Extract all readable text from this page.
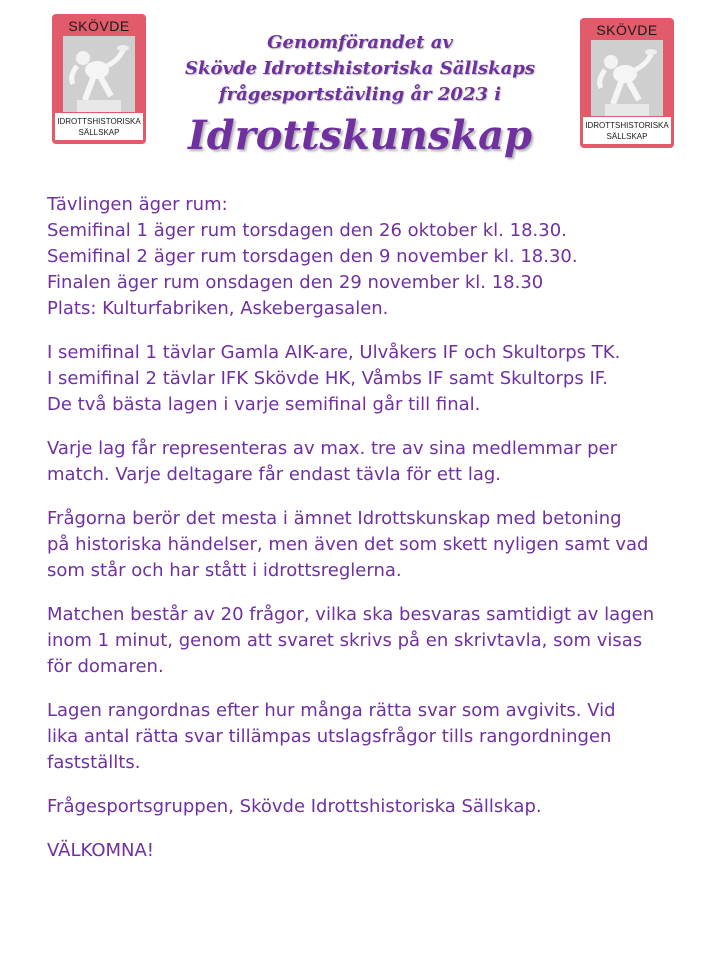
SKÖVDE
IDROTTSHISTORISKA
SÄLLSKAP
SKÖVDE
IDROTTSHISTORISKA
SÄLLSKAP
Genomförandet av
Skövde Idrottshistoriska Sällskaps
frågesportstävling år 2023 i
Idrottskunskap
Tävlingen äger rum:
Semifinal 1 äger rum torsdagen den 26 oktober kl. 18.30.
Semifinal 2 äger rum torsdagen den 9 november kl. 18.30.
Finalen äger rum onsdagen den 29 november kl. 18.30
Plats: Kulturfabriken, Askebergasalen.
I semifinal 1 tävlar Gamla AIK-are, Ulvåkers IF och Skultorps TK.
I semifinal 2 tävlar IFK Skövde HK, Våmbs IF samt Skultorps IF.
De två bästa lagen i varje semifinal går till final.
Varje lag får representeras av max. tre av sina medlemmar per
match. Varje deltagare får endast tävla för ett lag.
Frågorna berör det mesta i ämnet Idrottskunskap med betoning
på historiska händelser, men även det som skett nyligen samt vad
som står och har stått i idrottsreglerna.
Matchen består av 20 frågor, vilka ska besvaras samtidigt av lagen
inom 1 minut, genom att svaret skrivs på en skrivtavla, som visas
för domaren.
Lagen rangordnas efter hur många rätta svar som avgivits. Vid
lika antal rätta svar tillämpas utslagsfrågor tills rangordningen
fastställts.
Frågesportsgruppen, Skövde Idrottshistoriska Sällskap.
VÄLKOMNA!
